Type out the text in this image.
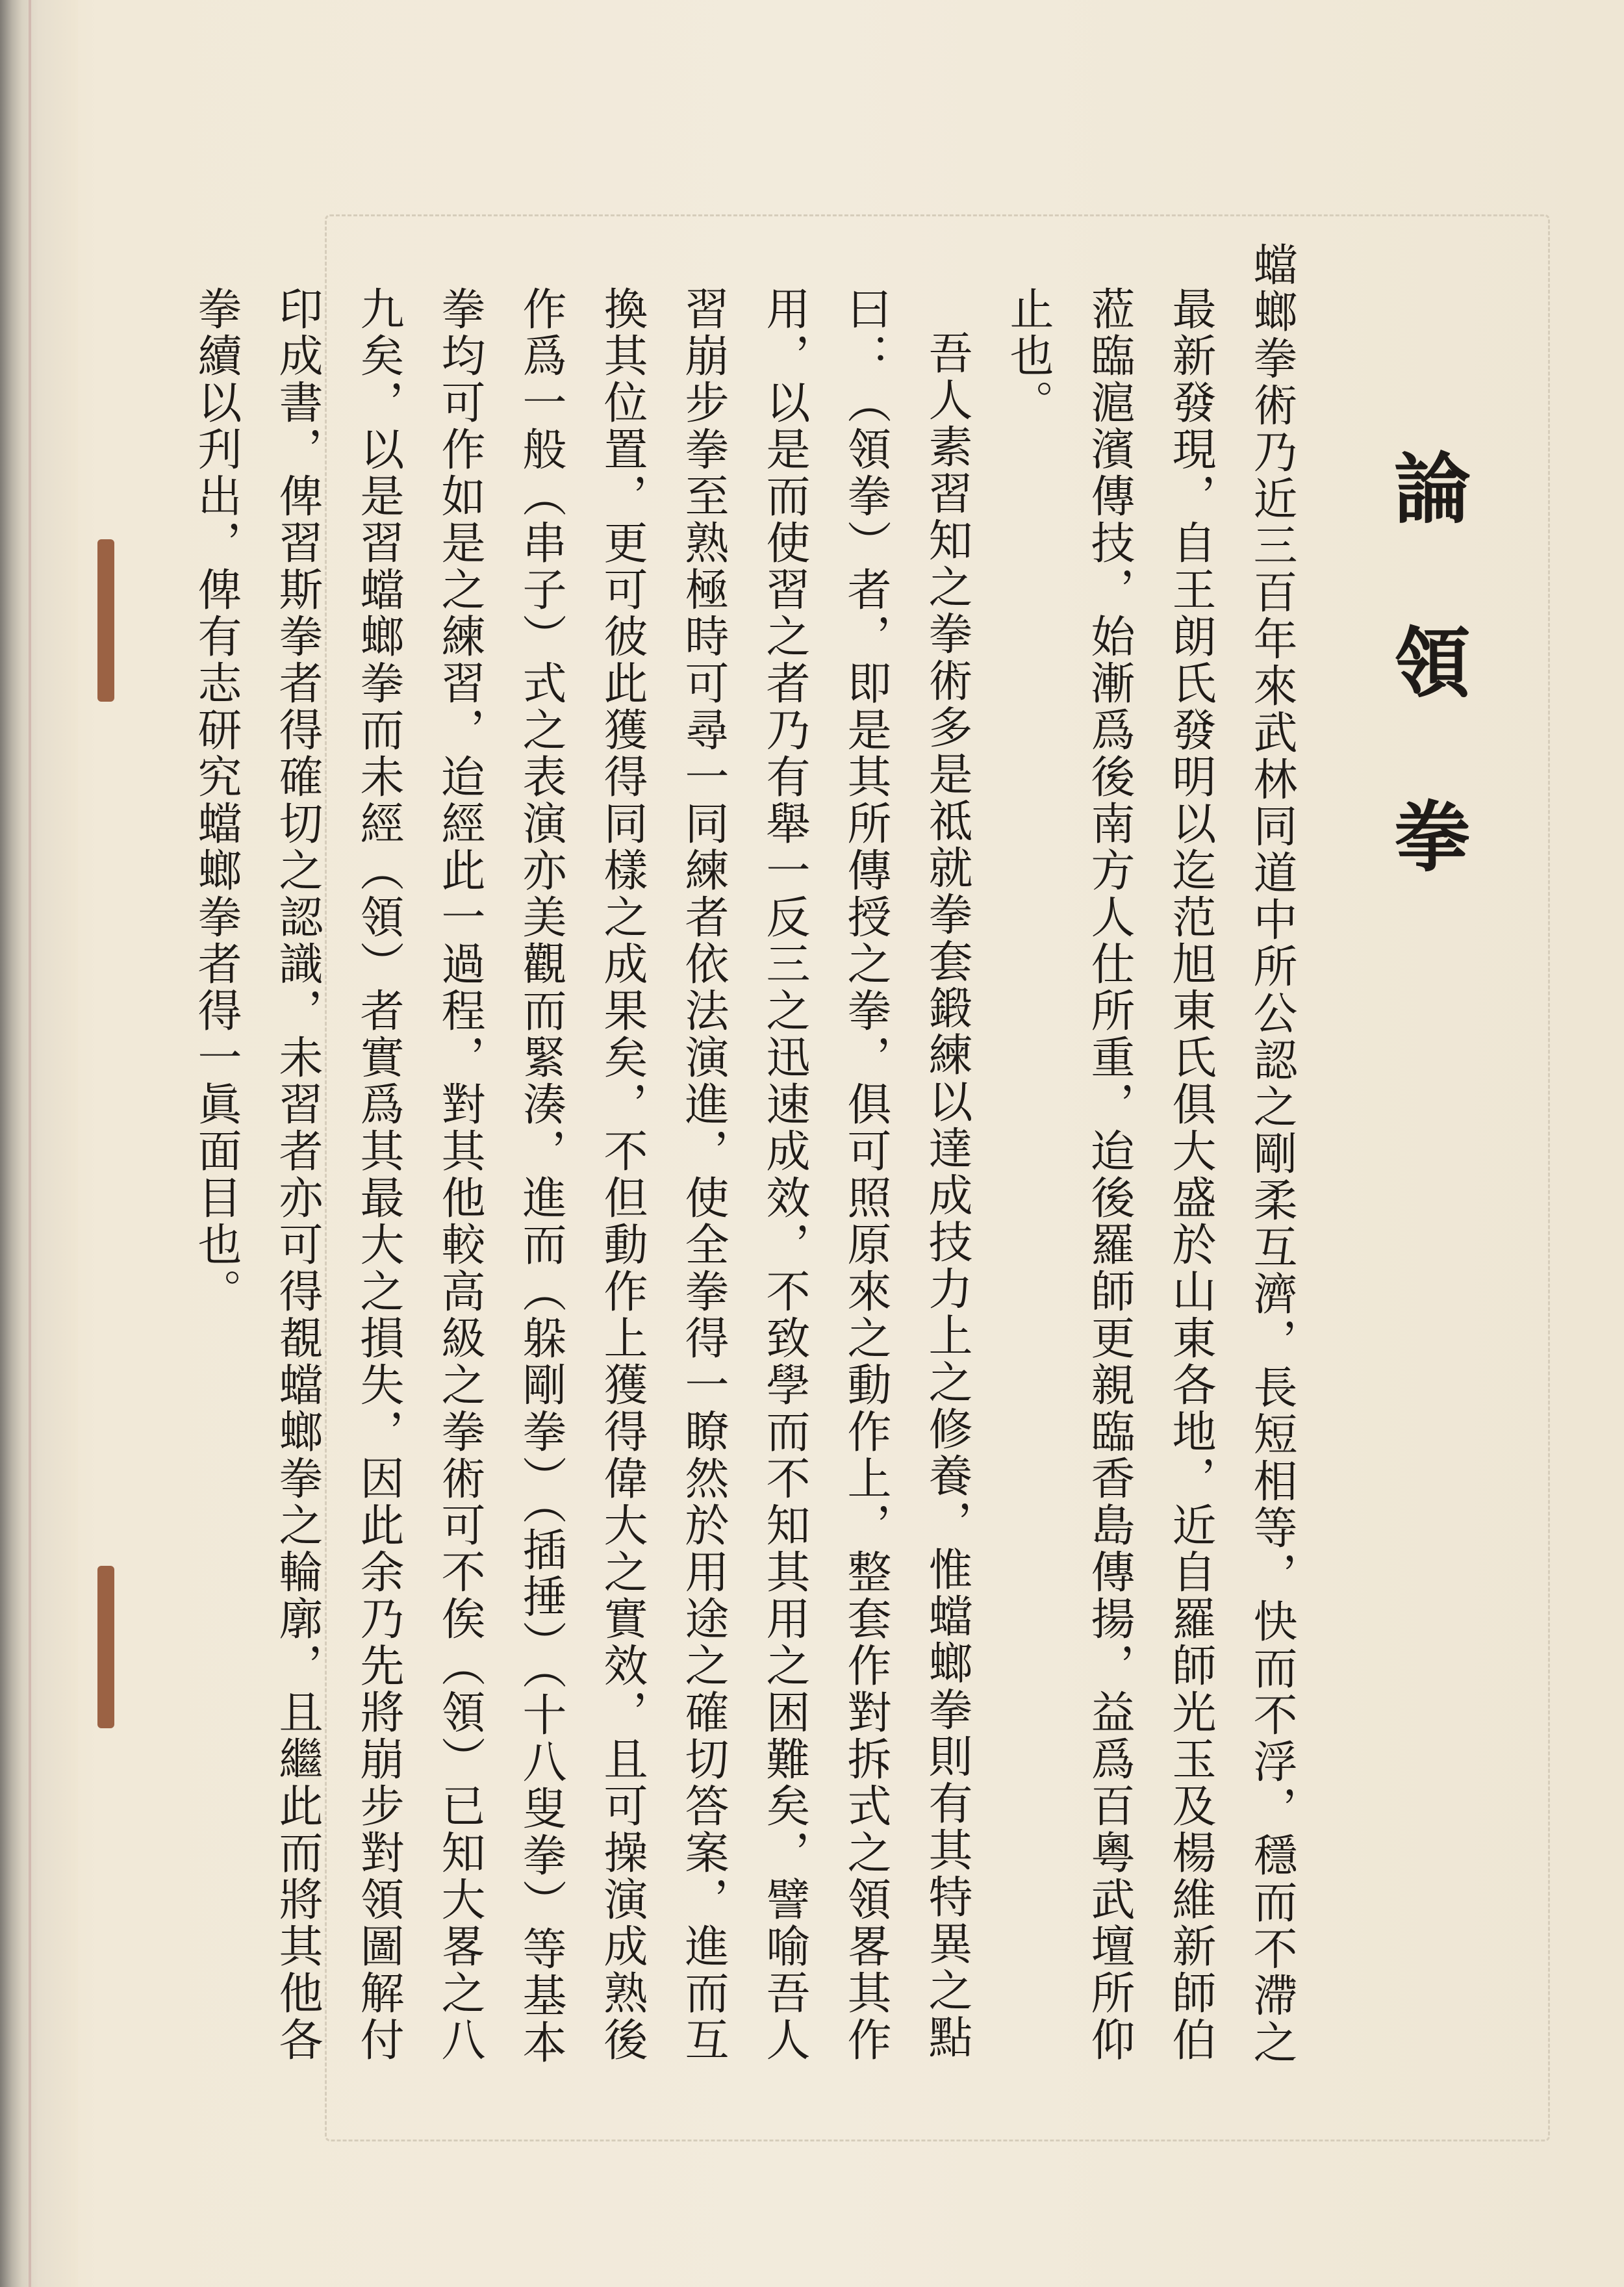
論領拳

蟷螂拳術乃近三百年來武林同道中所公認之剛柔互濟，長短相等，快而不浮，穩而不滯之最新發現，自王朗氏發明以迄范旭東氏俱大盛於山東各地，近自羅師光玉及楊維新師伯蒞臨滬濱傳技，始漸爲後南方人仕所重，迨後羅師更親臨香島傳揚，益爲百粵武壇所仰止也。

吾人素習知之拳術多是祗就拳套鍛練以達成技力上之修養，惟蟷螂拳則有其特異之點曰：（領拳）者，即是其所傳授之拳，俱可照原來之動作上，整套作對拆式之領畧其作用，以是而使習之者乃有舉一反三之迅速成效，不致學而不知其用之困難矣，譬喻吾人習崩步拳至熟極時可尋一同練者依法演進，使全拳得一瞭然於用途之確切答案，進而互換其位置，更可彼此獲得同樣之成果矣，不但動作上獲得偉大之實效，且可操演成熟後作爲一般（串子）式之表演亦美觀而緊湊，進而（躲剛拳）（插捶）（十八叟拳）等基本拳均可作如是之練習，迨經此一過程，對其他較高級之拳術可不俟（領）已知大畧之八九矣，以是習蟷螂拳而未經（領）者實爲其最大之損失，因此余乃先將崩步對領圖解付印成書，俾習斯拳者得確切之認識，未習者亦可得覩蟷螂拳之輪廓，且繼此而將其他各拳續以刋出，俾有志研究蟷螂拳者得一眞面目也。
